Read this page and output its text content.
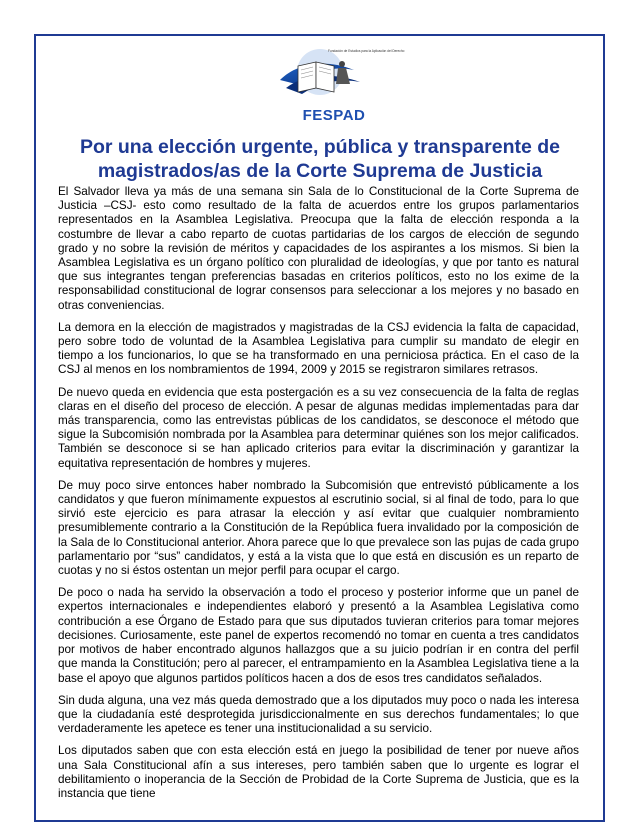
Fundación de Estudios para la Aplicación del Derecho
FESPAD
Por una elección urgente, pública y transparente de magistrados/as de la Corte Suprema de Justicia

El Salvador lleva ya más de una semana sin Sala de lo Constitucional de la Corte Suprema de Justicia –CSJ- esto como resultado de la falta de acuerdos entre los grupos parlamentarios representados en la Asamblea Legislativa. Preocupa que la falta de elección responda a la costumbre de llevar a cabo reparto de cuotas partidarias de los cargos de elección de segundo grado y no sobre la revisión de méritos y capacidades de los aspirantes a los mismos. Si bien la Asamblea Legislativa es un órgano político con pluralidad de ideologías, y que por tanto es natural que sus integrantes tengan preferencias basadas en criterios políticos, esto no los exime de la responsabilidad constitucional de lograr consensos para seleccionar a los mejores y no basado en otras conveniencias.

La demora en la elección de magistrados y magistradas de la CSJ evidencia la falta de capacidad, pero sobre todo de voluntad de la Asamblea Legislativa para cumplir su mandato de elegir en tiempo a los funcionarios, lo que se ha transformado en una perniciosa práctica. En el caso de la CSJ al menos en los nombramientos de 1994, 2009 y 2015 se registraron similares retrasos.

De nuevo queda en evidencia que esta postergación es a su vez consecuencia de la falta de reglas claras en el diseño del proceso de elección. A pesar de algunas medidas implementadas para dar más transparencia, como las entrevistas públicas de los candidatos, se desconoce el método que sigue la Subcomisión nombrada por la Asamblea para determinar quiénes son los mejor calificados. También se desconoce si se han aplicado criterios para evitar la discriminación y garantizar la equitativa representación de hombres y mujeres.

De muy poco sirve entonces haber nombrado la Subcomisión que entrevistó públicamente a los candidatos y que fueron mínimamente expuestos al escrutinio social, si al final de todo, para lo que sirvió este ejercicio es para atrasar la elección y así evitar que cualquier nombramiento presumiblemente contrario a la Constitución de la República fuera invalidado por la composición de la Sala de lo Constitucional anterior. Ahora parece que lo que prevalece son las pujas de cada grupo parlamentario por “sus” candidatos, y está a la vista que lo que está en discusión es un reparto de cuotas y no si éstos ostentan un mejor perfil para ocupar el cargo.

De poco o nada ha servido la observación a todo el proceso y posterior informe que un panel de expertos internacionales e independientes elaboró y presentó a la Asamblea Legislativa como contribución a ese Órgano de Estado para que sus diputados tuvieran criterios para tomar mejores decisiones. Curiosamente, este panel de expertos recomendó no tomar en cuenta a tres candidatos por motivos de haber encontrado algunos hallazgos que a su juicio podrían ir en contra del perfil que manda la Constitución; pero al parecer, el entrampamiento en la Asamblea Legislativa tiene a la base el apoyo que algunos partidos políticos hacen a dos de esos tres candidatos señalados.

Sin duda alguna, una vez más queda demostrado que a los diputados muy poco o nada les interesa que la ciudadanía esté desprotegida jurisdiccionalmente en sus derechos fundamentales; lo que verdaderamente les apetece es tener una institucionalidad a su servicio.

Los diputados saben que con esta elección está en juego la posibilidad de tener por nueve años una Sala Constitucional afín a sus intereses, pero también saben que lo urgente es lograr el debilitamiento o inoperancia de la Sección de Probidad de la Corte Suprema de Justicia, que es la instancia que tiene
